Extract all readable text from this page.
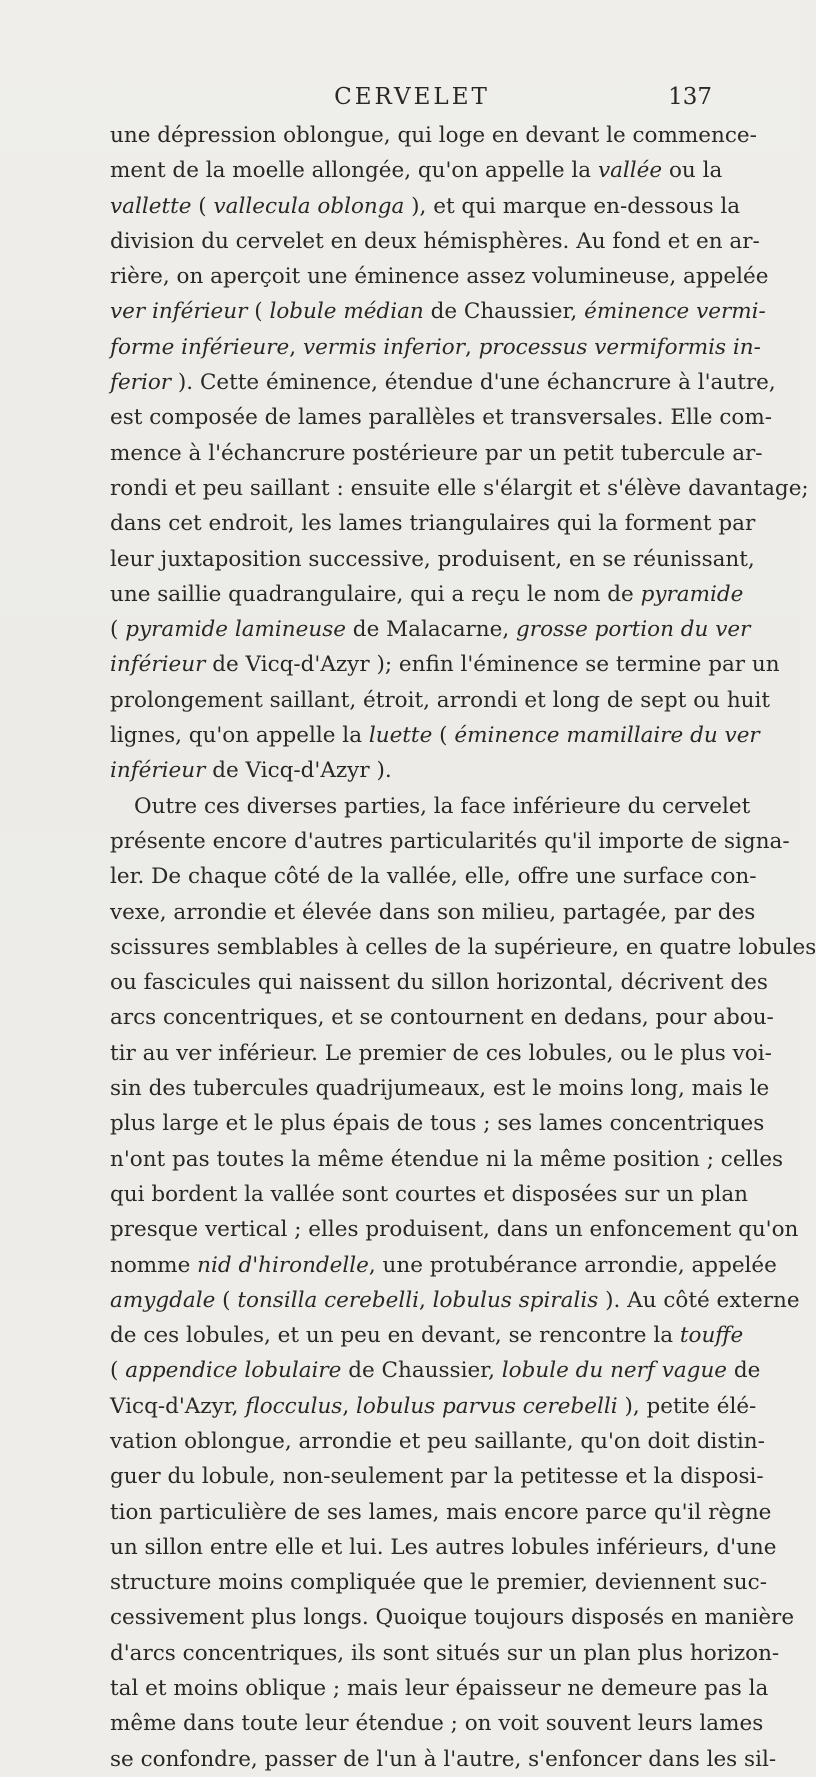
CERVELET	137
une dépression oblongue, qui loge en devant le commence-
ment de la moelle allongée, qu'on appelle la vallée ou la
vallette ( vallecula oblonga ), et qui marque en-dessous la
division du cervelet en deux hémisphères. Au fond et en ar-
rière, on aperçoit une éminence assez volumineuse, appelée
ver inférieur ( lobule médian de Chaussier, éminence vermi-
forme inférieure, vermis inferior, processus vermiformis in-
ferior ). Cette éminence, étendue d'une échancrure à l'autre,
est composée de lames parallèles et transversales. Elle com-
mence à l'échancrure postérieure par un petit tubercule ar-
rondi et peu saillant : ensuite elle s'élargit et s'élève davantage;
dans cet endroit, les lames triangulaires qui la forment par
leur juxtaposition successive, produisent, en se réunissant,
une saillie quadrangulaire, qui a reçu le nom de pyramide
( pyramide lamineuse de Malacarne, grosse portion du ver
inférieur de Vicq-d'Azyr ); enfin l'éminence se termine par un
prolongement saillant, étroit, arrondi et long de sept ou huit
lignes, qu'on appelle la luette ( éminence mamillaire du ver
inférieur de Vicq-d'Azyr ).
Outre ces diverses parties, la face inférieure du cervelet
présente encore d'autres particularités qu'il importe de signa-
ler. De chaque côté de la vallée, elle, offre une surface con-
vexe, arrondie et élevée dans son milieu, partagée, par des
scissures semblables à celles de la supérieure, en quatre lobules
ou fascicules qui naissent du sillon horizontal, décrivent des
arcs concentriques, et se contournent en dedans, pour abou-
tir au ver inférieur. Le premier de ces lobules, ou le plus voi-
sin des tubercules quadrijumeaux, est le moins long, mais le
plus large et le plus épais de tous ; ses lames concentriques
n'ont pas toutes la même étendue ni la même position ; celles
qui bordent la vallée sont courtes et disposées sur un plan
presque vertical ; elles produisent, dans un enfoncement qu'on
nomme nid d'hirondelle, une protubérance arrondie, appelée
amygdale ( tonsilla cerebelli, lobulus spiralis ). Au côté externe
de ces lobules, et un peu en devant, se rencontre la touffe
( appendice lobulaire de Chaussier, lobule du nerf vague de
Vicq-d'Azyr, flocculus, lobulus parvus cerebelli ), petite élé-
vation oblongue, arrondie et peu saillante, qu'on doit distin-
guer du lobule, non-seulement par la petitesse et la disposi-
tion particulière de ses lames, mais encore parce qu'il règne
un sillon entre elle et lui. Les autres lobules inférieurs, d'une
structure moins compliquée que le premier, deviennent suc-
cessivement plus longs. Quoique toujours disposés en manière
d'arcs concentriques, ils sont situés sur un plan plus horizon-
tal et moins oblique ; mais leur épaisseur ne demeure pas la
même dans toute leur étendue ; on voit souvent leurs lames
se confondre, passer de l'un à l'autre, s'enfoncer dans les sil-
